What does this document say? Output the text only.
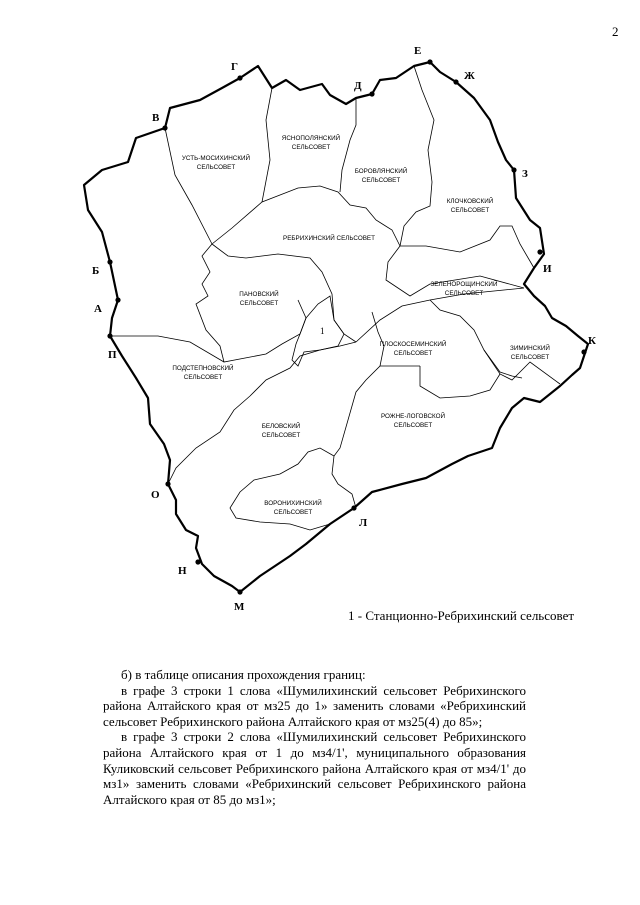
2
1
УСТЬ-МОСИХИНСКИЙ СЕЛЬСОВЕТ
ЯСНОПОЛЯНСКИЙ СЕЛЬСОВЕТ
БОРОВЛЯНСКИЙ СЕЛЬСОВЕТ
КЛОЧКОВСКИЙ СЕЛЬСОВЕТ
РЕБРИХИНСКИЙ СЕЛЬСОВЕТ
ЗЕЛЕНОРОЩИНСКИЙ СЕЛЬСОВЕТ
ПАНОВСКИЙ СЕЛЬСОВЕТ
ПЛОСКОСЕМИНСКИЙ СЕЛЬСОВЕТ
ЗИМИНСКИЙ СЕЛЬСОВЕТ
ПОДСТЕПНОВСКИЙ СЕЛЬСОВЕТ
БЕЛОВСКИЙ СЕЛЬСОВЕТ
РОЖНЕ-ЛОГОВСКОЙ СЕЛЬСОВЕТ
ВОРОНИХИНСКИЙ СЕЛЬСОВЕТ
А
Б
В
Г
Д
Е
Ж
З
И
К
Л
М
Н
О
П
1 - Станционно-Ребрихинский сельсовет

б) в таблице описания прохождения границ:

в графе 3 строки 1 слова «Шумилихинский сельсовет Ребрихинского района Алтайского края от мз25 до 1» заменить словами «Ребрихинский сельсовет Ребрихинского района Алтайского края от мз25(4) до 85»;

в графе 3 строки 2 слова «Шумилихинский сельсовет Ребрихинского района Алтайского края от 1 до мз4/1', муниципального образования Куликовский сельсовет Ребрихинского района Алтайского края от мз4/1' до мз1» заменить словами «Ребрихинский сельсовет Ребрихинского района Алтайского края от 85 до мз1»;
